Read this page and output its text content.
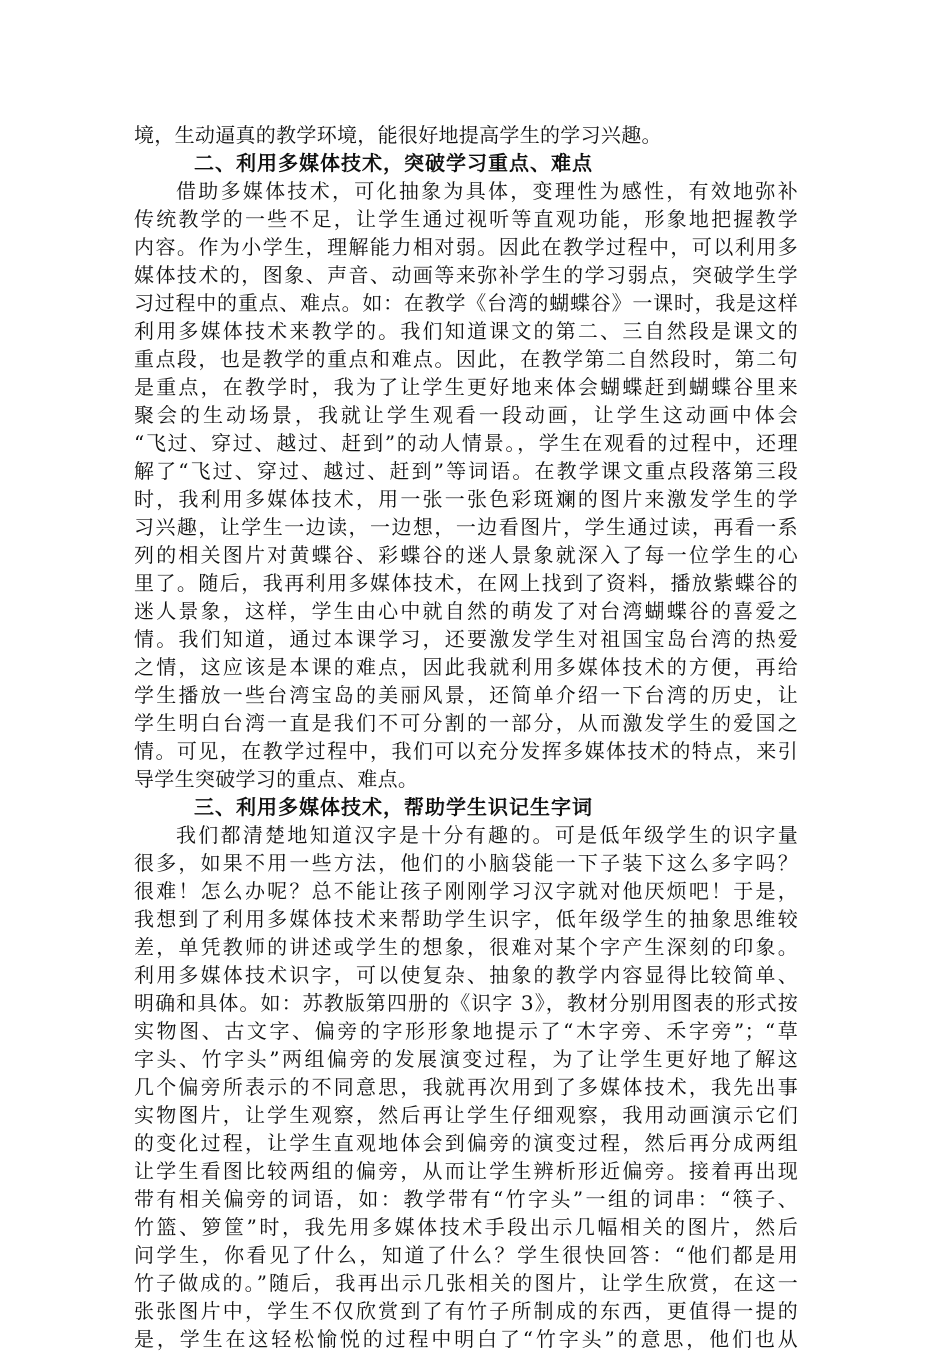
境，生动逼真的教学环境，能很好地提高学生的学习兴趣。
二、利用多媒体技术，突破学习重点、难点
借助多媒体技术，可化抽象为具体，变理性为感性，有效地弥补
传统教学的一些不足，让学生通过视听等直观功能，形象地把握教学
内容。作为小学生，理解能力相对弱。因此在教学过程中，可以利用多
媒体技术的，图象、声音、动画等来弥补学生的学习弱点，突破学生学
习过程中的重点、难点。如：在教学《台湾的蝴蝶谷》一课时，我是这样
利用多媒体技术来教学的。我们知道课文的第二、三自然段是课文的
重点段，也是教学的重点和难点。因此，在教学第二自然段时，第二句
是重点，在教学时，我为了让学生更好地来体会蝴蝶赶到蝴蝶谷里来
聚会的生动场景，我就让学生观看一段动画，让学生这动画中体会
“飞过、穿过、越过、赶到”的动人情景。，学生在观看的过程中，还理
解了“飞过、穿过、越过、赶到”等词语。在教学课文重点段落第三段
时，我利用多媒体技术，用一张一张色彩斑斓的图片来激发学生的学
习兴趣，让学生一边读，一边想，一边看图片，学生通过读，再看一系
列的相关图片对黄蝶谷、彩蝶谷的迷人景象就深入了每一位学生的心
里了。随后，我再利用多媒体技术，在网上找到了资料，播放紫蝶谷的
迷人景象，这样，学生由心中就自然的萌发了对台湾蝴蝶谷的喜爱之
情。我们知道，通过本课学习，还要激发学生对祖国宝岛台湾的热爱
之情，这应该是本课的难点，因此我就利用多媒体技术的方便，再给
学生播放一些台湾宝岛的美丽风景，还简单介绍一下台湾的历史，让
学生明白台湾一直是我们不可分割的一部分，从而激发学生的爱国之
情。可见，在教学过程中，我们可以充分发挥多媒体技术的特点，来引
导学生突破学习的重点、难点。
三、利用多媒体技术，帮助学生识记生字词
我们都清楚地知道汉字是十分有趣的。可是低年级学生的识字量
很多，如果不用一些方法，他们的小脑袋能一下子装下这么多字吗？
很难！怎么办呢？总不能让孩子刚刚学习汉字就对他厌烦吧！于是，
我想到了利用多媒体技术来帮助学生识字，低年级学生的抽象思维较
差，单凭教师的讲述或学生的想象，很难对某个字产生深刻的印象。
利用多媒体技术识字，可以使复杂、抽象的教学内容显得比较简单、
明确和具体。如：苏教版第四册的《识字 3》，教材分别用图表的形式按
实物图、古文字、偏旁的字形形象地提示了“木字旁、禾字旁”；“草
字头、竹字头”两组偏旁的发展演变过程，为了让学生更好地了解这
几个偏旁所表示的不同意思，我就再次用到了多媒体技术，我先出事
实物图片，让学生观察，然后再让学生仔细观察，我用动画演示它们
的变化过程，让学生直观地体会到偏旁的演变过程，然后再分成两组
让学生看图比较两组的偏旁，从而让学生辨析形近偏旁。接着再出现
带有相关偏旁的词语，如：教学带有“竹字头”一组的词串：“筷子、
竹篮、箩筐”时，我先用多媒体技术手段出示几幅相关的图片，然后
问学生，你看见了什么，知道了什么？学生很快回答：“他们都是用
竹子做成的。”随后，我再出示几张相关的图片，让学生欣赏，在这一
张张图片中，学生不仅欣赏到了有竹子所制成的东西，更值得一提的
是，学生在这轻松愉悦的过程中明白了“竹字头”的意思，他们也从
